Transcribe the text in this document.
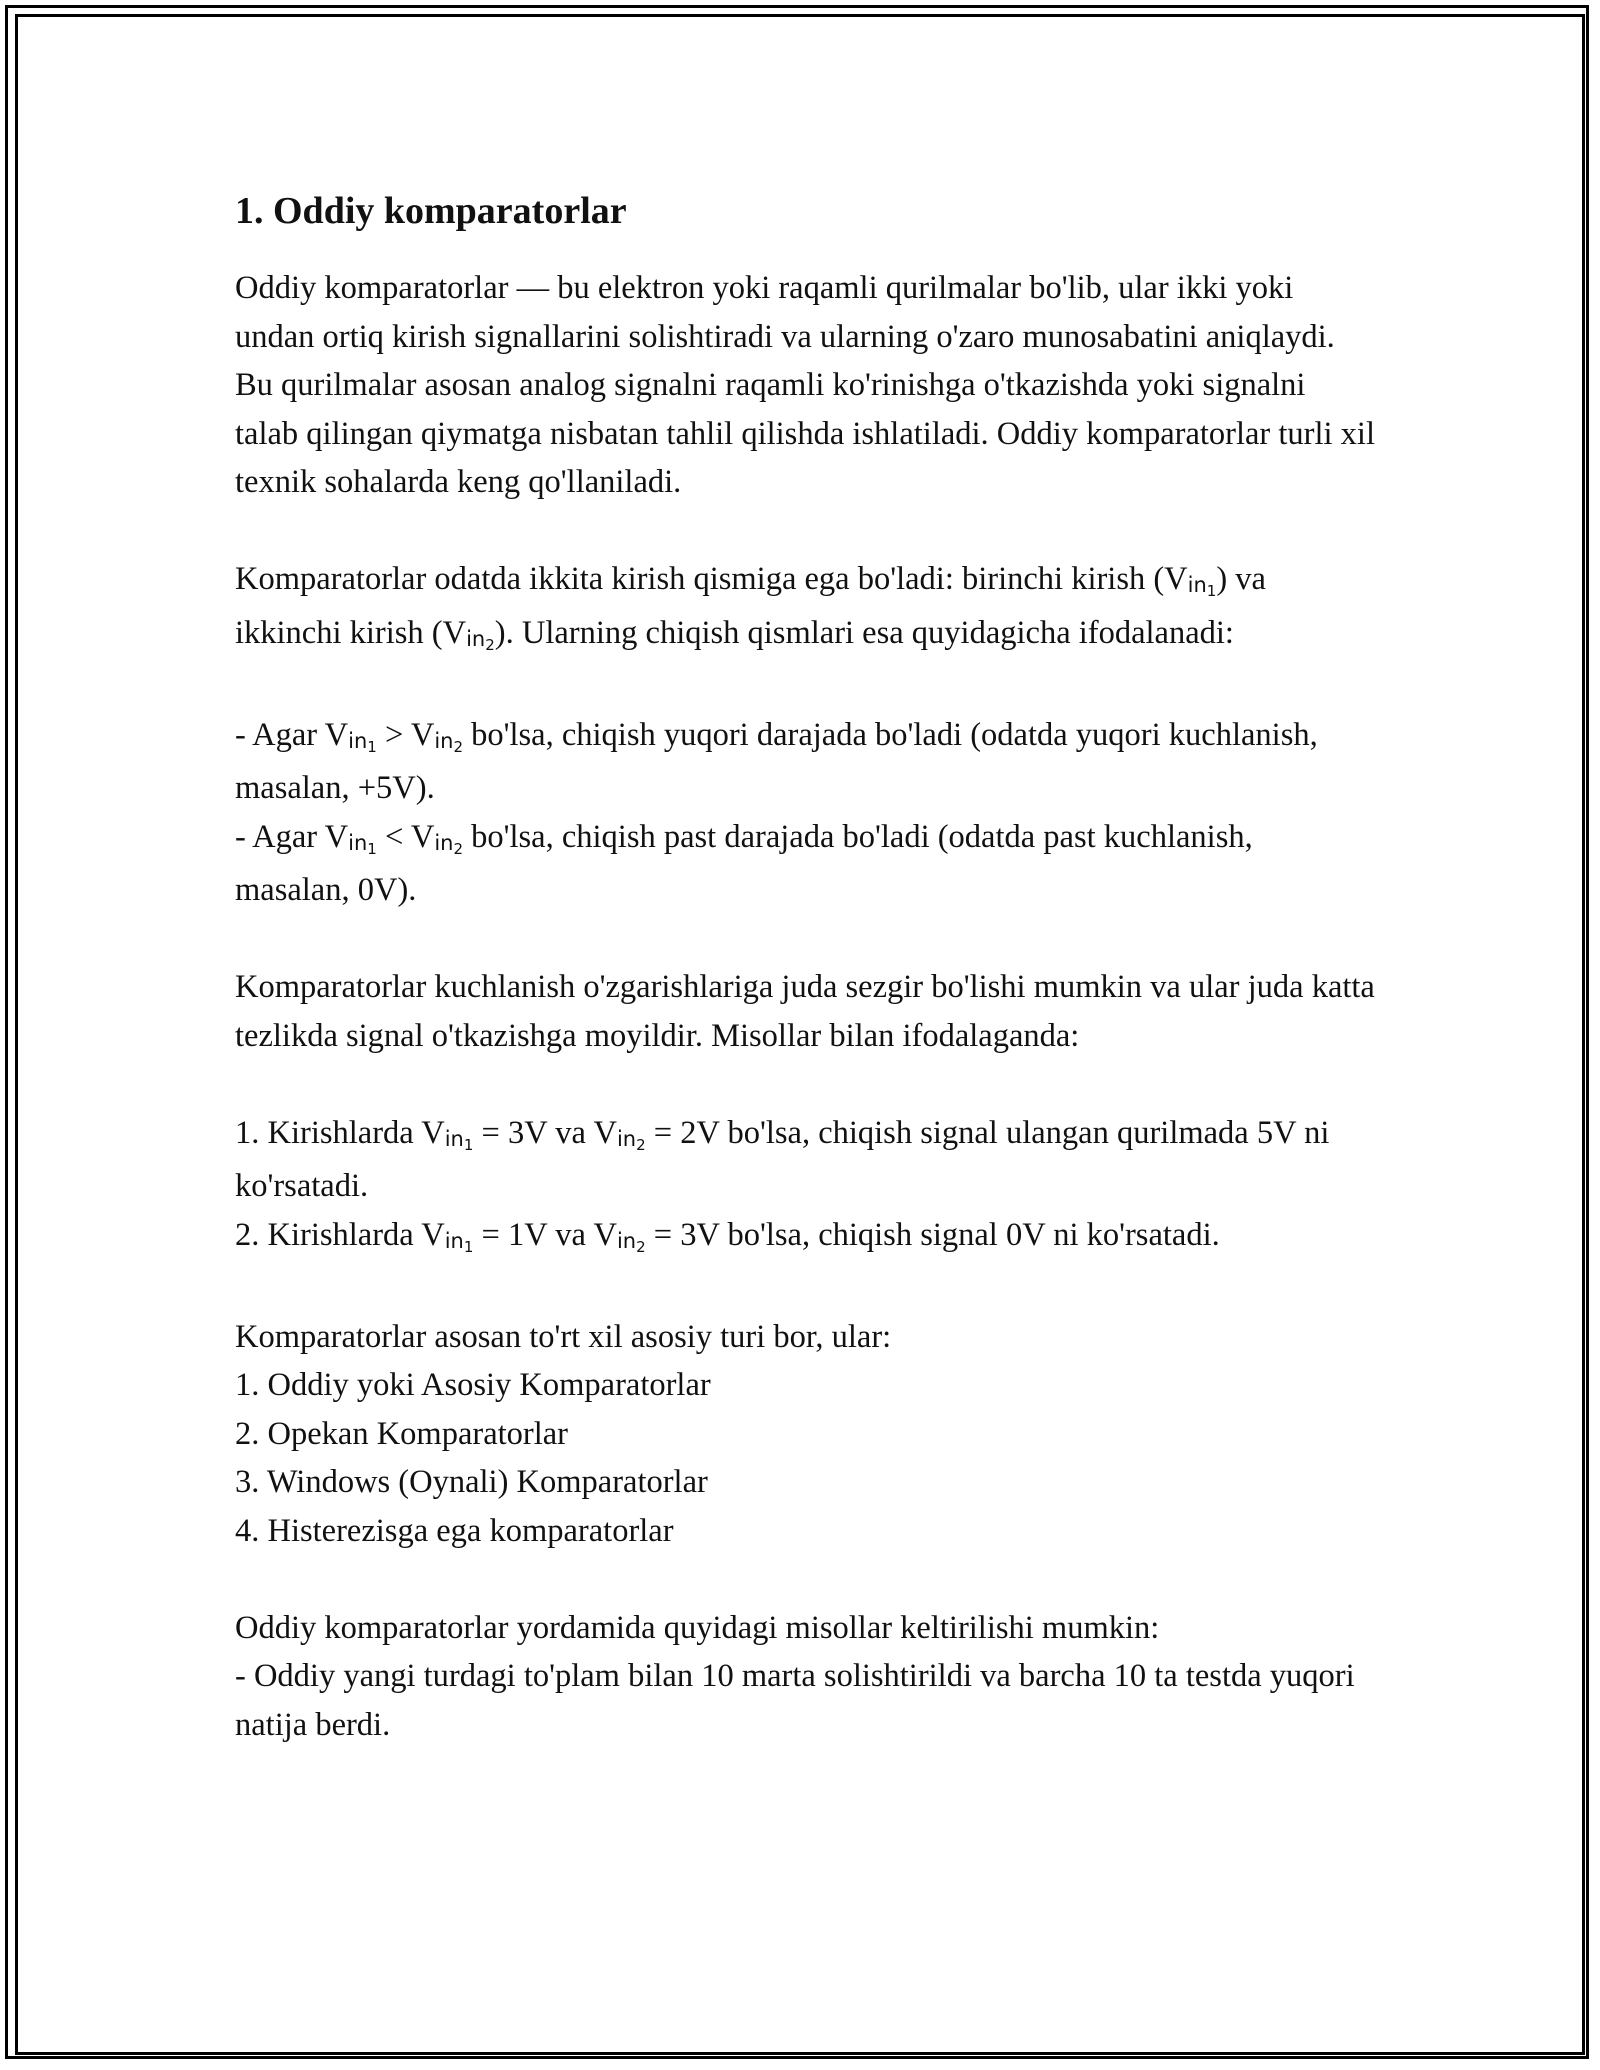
1. Oddiy komparatorlar
Oddiy komparatorlar — bu elektron yoki raqamli qurilmalar bo'lib, ular ikki yoki undan ortiq kirish signallarini solishtiradi va ularning o'zaro munosabatini aniqlaydi. Bu qurilmalar asosan analog signalni raqamli ko'rinishga o'tkazishda yoki signalni talab qilingan qiymatga nisbatan tahlil qilishda ishlatiladi. Oddiy komparatorlar turli xil texnik sohalarda keng qo'llaniladi.
Komparatorlar odatda ikkita kirish qismiga ega bo'ladi: birinchi kirish (Vin$_1$) va ikkinchi kirish (Vin$_2$). Ularning chiqish qismlari esa quyidagicha ifodalanadi:
- Agar Vin$_1$ > Vin$_2$ bo'lsa, chiqish yuqori darajada bo'ladi (odatda yuqori kuchlanish, masalan, +5V).
- Agar Vin$_1$ < Vin$_2$ bo'lsa, chiqish past darajada bo'ladi (odatda past kuchlanish, masalan, 0V).
Komparatorlar kuchlanish o'zgarishlariga juda sezgir bo'lishi mumkin va ular juda katta tezlikda signal o'tkazishga moyildir. Misollar bilan ifodalaganda:
1. Kirishlarda Vin$_1$ = 3V va Vin$_2$ = 2V bo'lsa, chiqish signal ulangan qurilmada 5V ni ko'rsatadi.
2. Kirishlarda Vin$_1$ = 1V va Vin$_2$ = 3V bo'lsa, chiqish signal 0V ni ko'rsatadi.
Komparatorlar asosan to'rt xil asosiy turi bor, ular:
1. Oddiy yoki Asosiy Komparatorlar
2. Opekan Komparatorlar
3. Windows (Oynali) Komparatorlar
4. Histerezisga ega komparatorlar
Oddiy komparatorlar yordamida quyidagi misollar keltirilishi mumkin:
- Oddiy yangi turdagi to'plam bilan 10 marta solishtirildi va barcha 10 ta testda yuqori natija berdi.
